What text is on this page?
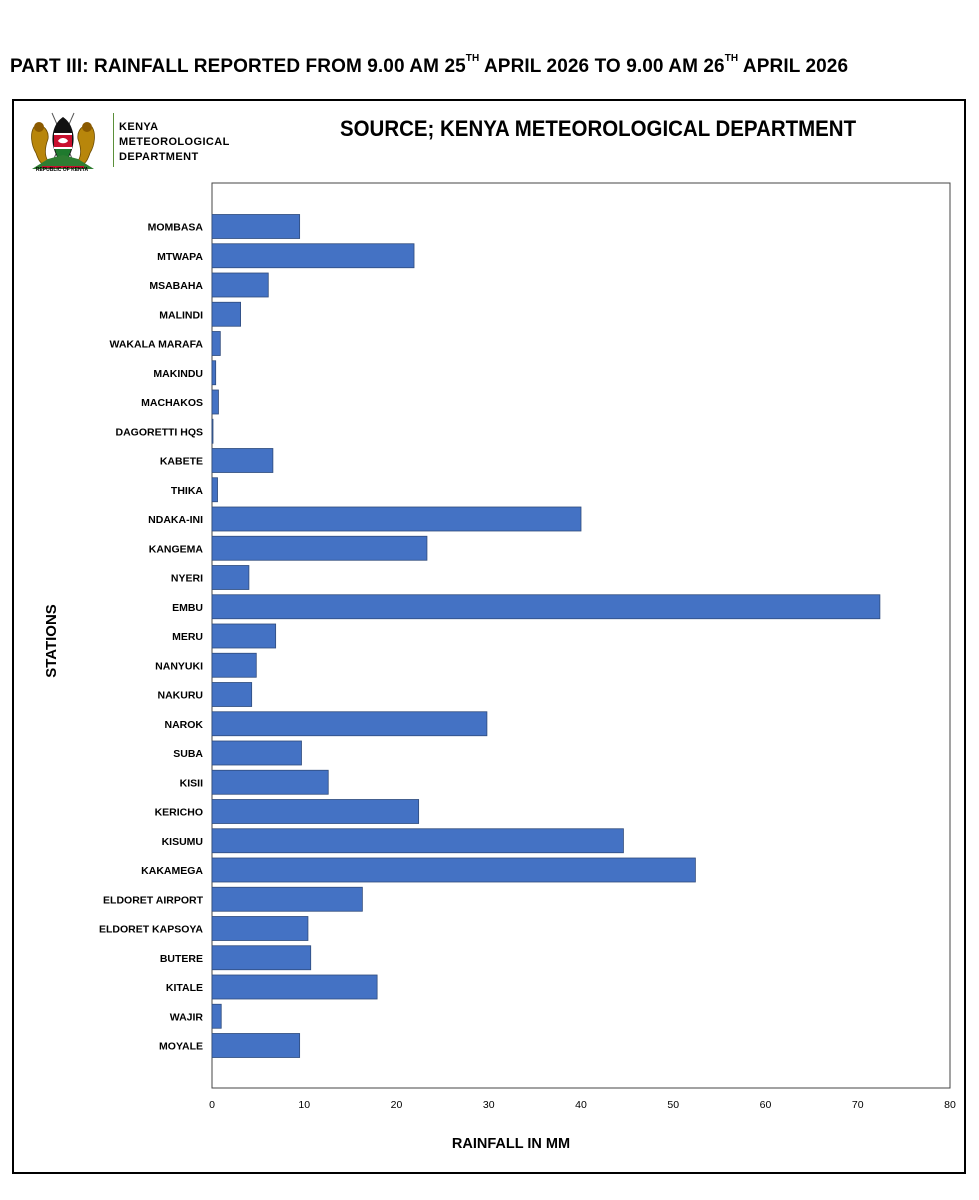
PART III: RAINFALL REPORTED FROM 9.00 AM 25TH APRIL 2026 TO 9.00 AM 26TH APRIL 2026
REPUBLIC OF KENYA
KENYA
METEOROLOGICAL
DEPARTMENT
SOURCE; KENYA METEOROLOGICAL DEPARTMENT
MOMBASA
MTWAPA
MSABAHA
MALINDI
WAKALA MARAFA
MAKINDU
MACHAKOS
DAGORETTI HQS
KABETE
THIKA
NDAKA-INI
KANGEMA
NYERI
EMBU
MERU
NANYUKI
NAKURU
NAROK
SUBA
KISII
KERICHO
KISUMU
KAKAMEGA
ELDORET AIRPORT
ELDORET KAPSOYA
BUTERE
KITALE
WAJIR
MOYALE
0	10	20	30	40	50	60	70	80
RAINFALL IN MM
STATIONS
